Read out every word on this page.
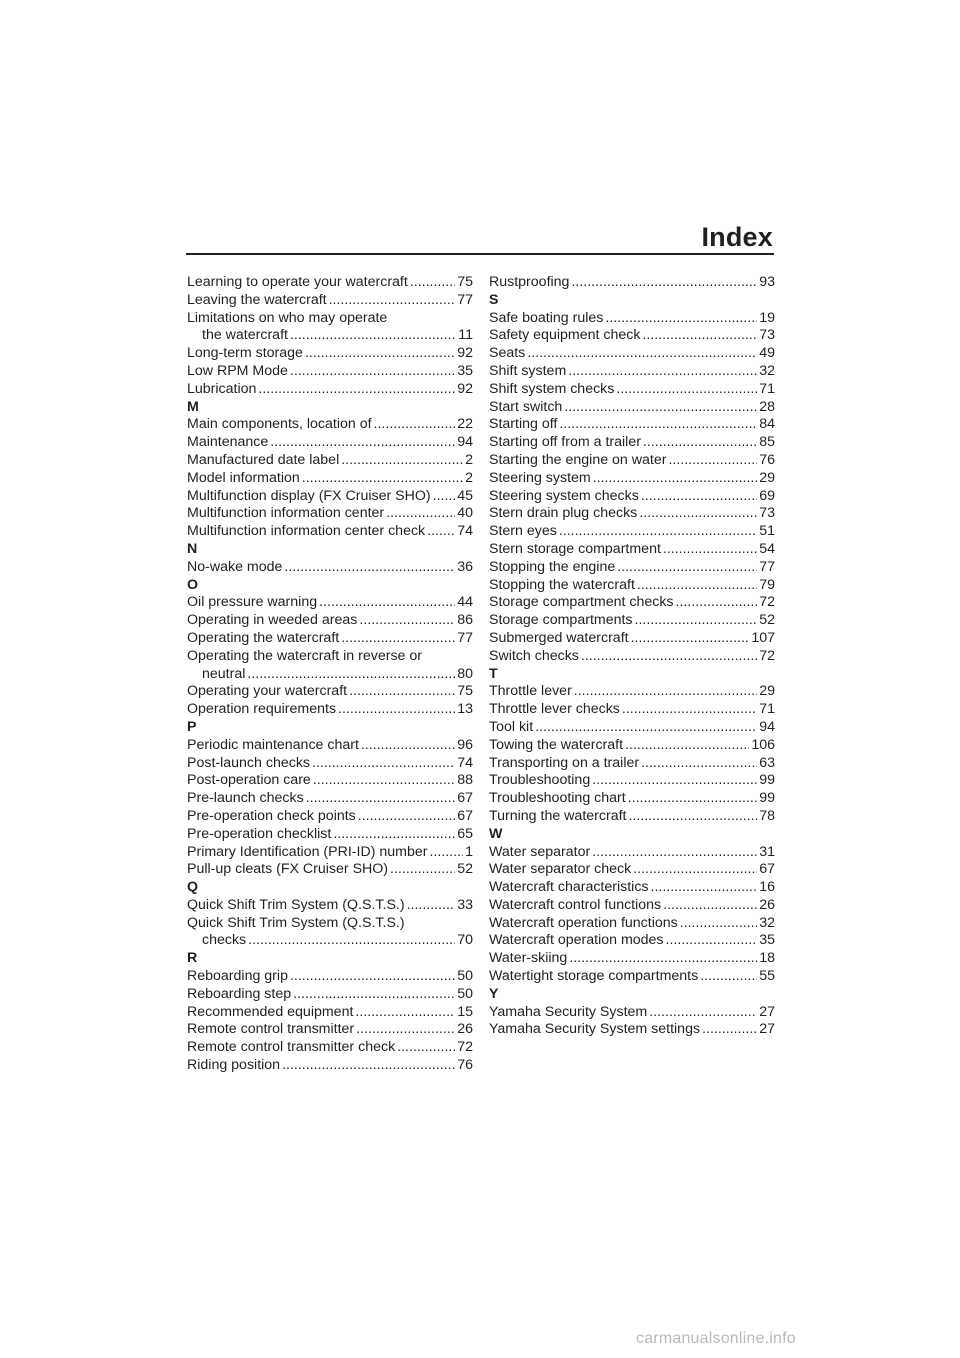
Index
Learning to operate your watercraft .....	75
Leaving the watercraft .....	77
Limitations on who may operate
the watercraft .....	11
Long-term storage .....	92
Low RPM Mode .....	35
Lubrication .....	92
M
Main components, location of .....	22
Maintenance .....	94
Manufactured date label .....	2
Model information .....	2
Multifunction display (FX Cruiser SHO) ..... 45
Multifunction information center .....	40
Multifunction information center check ..... 74
N
No-wake mode .....	36
O
Oil pressure warning .....	44
Operating in weeded areas .....	86
Operating the watercraft .....	77
Operating the watercraft in reverse or
neutral .....	80
Operating your watercraft .....	75
Operation requirements .....	13
P
Periodic maintenance chart .....	96
Post-launch checks .....	74
Post-operation care .....	88
Pre-launch checks .....	67
Pre-operation check points .....	67
Pre-operation checklist .....	65
Primary Identification (PRI-ID) number .....	1
Pull-up cleats (FX Cruiser SHO) .....	52
Q
Quick Shift Trim System (Q.S.T.S.) .....	33
Quick Shift Trim System (Q.S.T.S.)
checks .....	70
R
Reboarding grip .....	50
Reboarding step .....	50
Recommended equipment .....	15
Remote control transmitter .....	26
Remote control transmitter check .....	72
Riding position .....	76
Rustproofing .....	93
S
Safe boating rules .....	19
Safety equipment check .....	73
Seats .....	49
Shift system .....	32
Shift system checks .....	71
Start switch .....	28
Starting off .....	84
Starting off from a trailer .....	85
Starting the engine on water .....	76
Steering system .....	29
Steering system checks .....	69
Stern drain plug checks .....	73
Stern eyes .....	51
Stern storage compartment .....	54
Stopping the engine .....	77
Stopping the watercraft .....	79
Storage compartment checks .....	72
Storage compartments .....	52
Submerged watercraft .....	107
Switch checks .....	72
T
Throttle lever .....	29
Throttle lever checks .....	71
Tool kit .....	94
Towing the watercraft .....	106
Transporting on a trailer .....	63
Troubleshooting .....	99
Troubleshooting chart .....	99
Turning the watercraft .....	78
W
Water separator .....	31
Water separator check .....	67
Watercraft characteristics .....	16
Watercraft control functions .....	26
Watercraft operation functions .....	32
Watercraft operation modes .....	35
Water-skiing .....	18
Watertight storage compartments .....	55
Y
Yamaha Security System .....	27
Yamaha Security System settings .....	27
carmanualsonline.info
